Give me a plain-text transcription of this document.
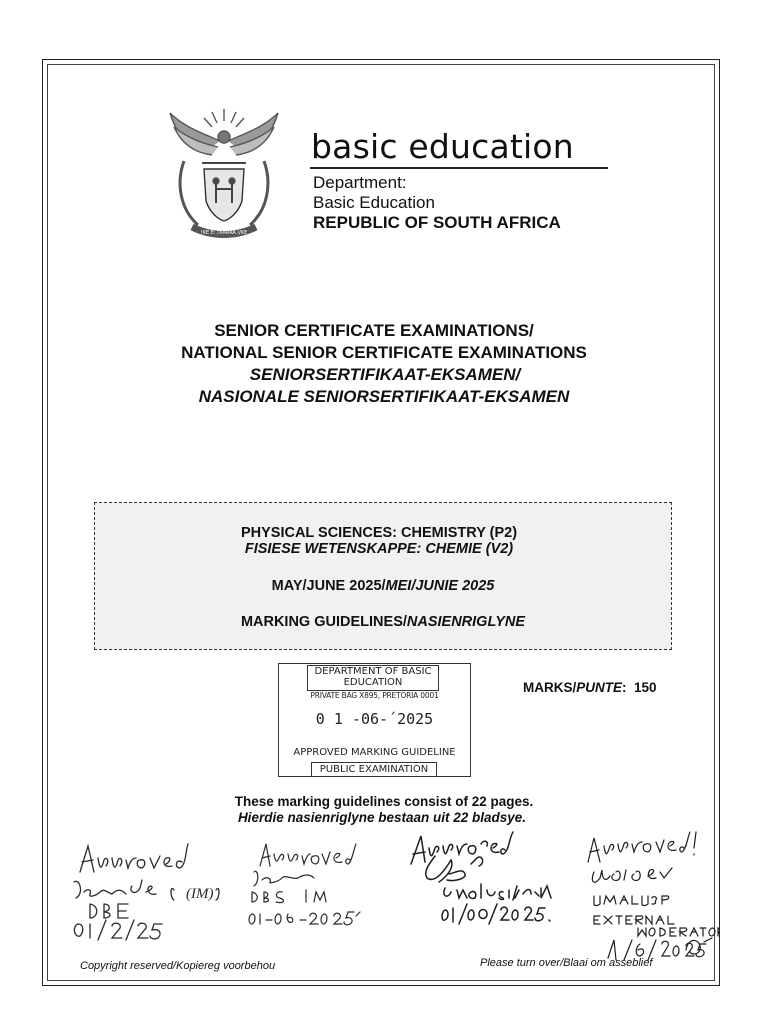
!KE E: /XARRA //KE
basic education
Department:
Basic Education
REPUBLIC OF SOUTH AFRICA
SENIOR CERTIFICATE EXAMINATIONS/
NATIONAL SENIOR CERTIFICATE EXAMINATIONS
SENIORSERTIFIKAAT-EKSAMEN/
NASIONALE SENIORSERTIFIKAAT-EKSAMEN
PHYSICAL SCIENCES: CHEMISTRY (P2)
FISIESE WETENSKAPPE: CHEMIE (V2)
MAY/JUNE 2025/MEI/JUNIE 2025
MARKING GUIDELINES/NASIENRIGLYNE
DEPARTMENT OF BASIC EDUCATION
PRIVATE BAG X895, PRETORIA 0001
0 1 -06-´2025
APPROVED MARKING GUIDELINE
PUBLIC EXAMINATION
MARKS/PUNTE:  150
These marking guidelines consist of 22 pages.
Hierdie nasienriglyne bestaan uit 22 bladsye.
(IM)
Copyright reserved/Kopiereg voorbehou	Please turn over/Blaai om asseblief
